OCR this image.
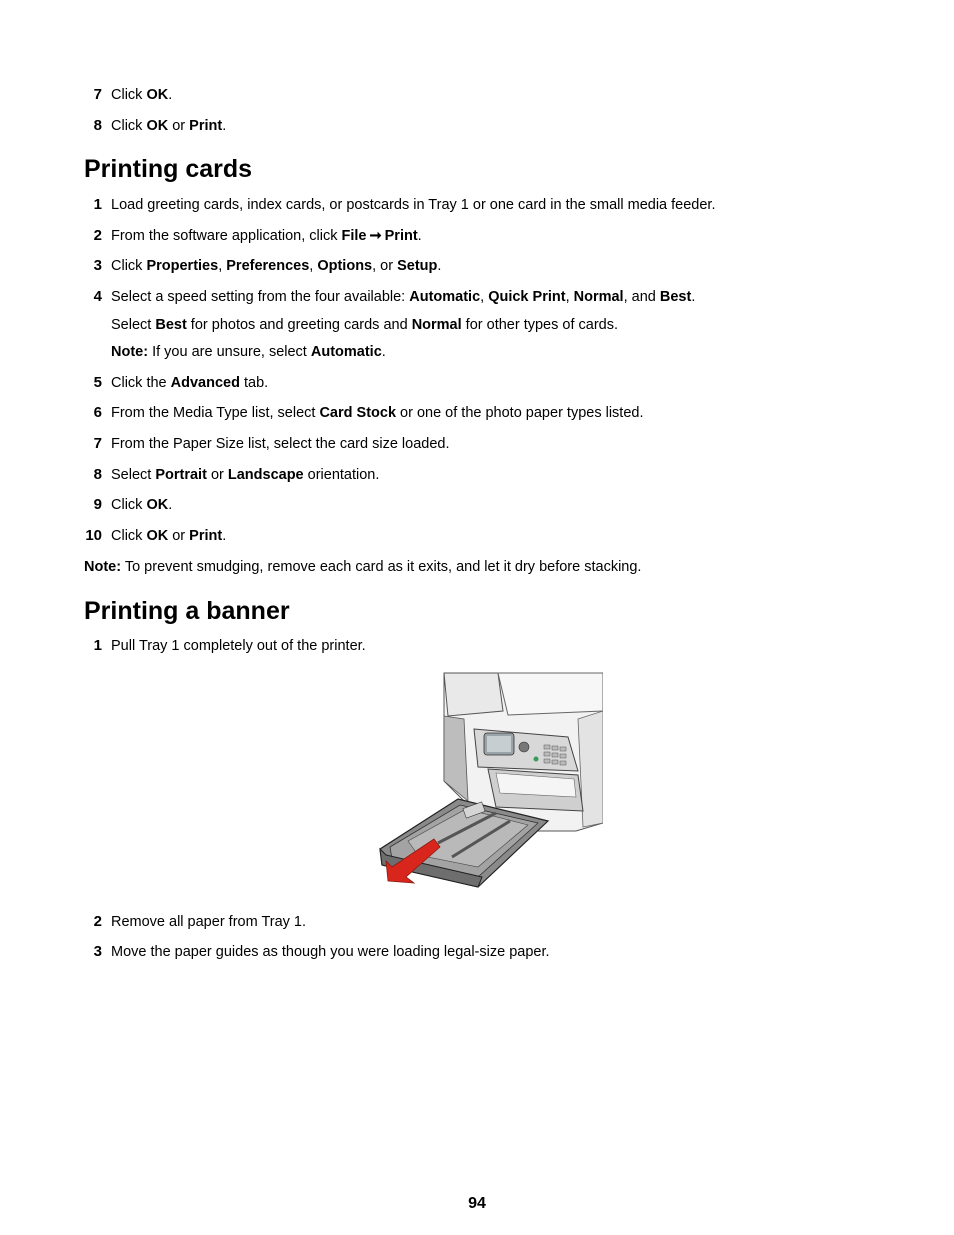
7 Click OK.
8 Click OK or Print.
Printing cards
1 Load greeting cards, index cards, or postcards in Tray 1 or one card in the small media feeder.
2 From the software application, click File ➞ Print.
3 Click Properties, Preferences, Options, or Setup.
4 Select a speed setting from the four available: Automatic, Quick Print, Normal, and Best.
Select Best for photos and greeting cards and Normal for other types of cards.
Note: If you are unsure, select Automatic.
5 Click the Advanced tab.
6 From the Media Type list, select Card Stock or one of the photo paper types listed.
7 From the Paper Size list, select the card size loaded.
8 Select Portrait or Landscape orientation.
9 Click OK.
10 Click OK or Print.
Note: To prevent smudging, remove each card as it exits, and let it dry before stacking.
Printing a banner
1 Pull Tray 1 completely out of the printer.
2 Remove all paper from Tray 1.
3 Move the paper guides as though you were loading legal-size paper.
94
